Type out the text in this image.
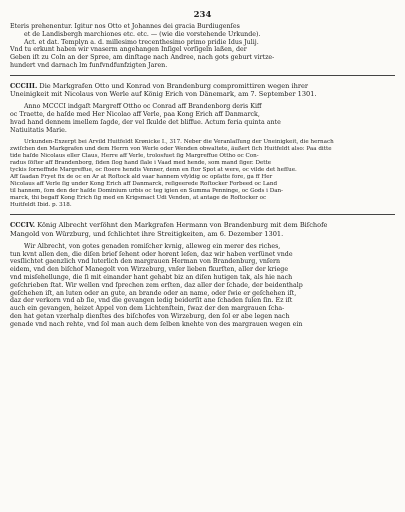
234

Eteris prehenentur. Igitur nos Otto et Johannes dei gracia Burdiugenſes

et de Landisbergh marchiones etc. etc. — (wie die vorstehende Urkunde).

Act. et dat. Templyn a. d. millesimo trecenthesimo primo pridie Idus Julij.

Vnd tu erkunt haben wir vnaserm angehangen Inſigel vorſigeln laßen, der

Geben iſt zu Coln an der Spree, am dinſtage nach Andree, nach gots geburt virtze-

hundert vnd darnach lm funfvndfunfzigten Jaren.

CCCIII. Die Markgrafen Otto und Konrad von Brandenburg compromittiren wegen ihrer

Uneinigkeit mit Nicolaus von Werle auf König Erich von Dänemark, am 7. September 1301.

Anno MCCCI indgaſt Margreff Ottho oc Conrad aff Brandenborg deris Kiff

oc Traette, de haſde med Her Nicolao aff Verle, paa Kong Erich aff Danmarck,

hvad hand dennem imellem ſagde, der vel ſkulde det bliffue. Actum feria quinta ante

Natiuitatis Marie.

Urkunden-Exzerpt bei Arvild Huitfeldt Krønicke I., 317. Neber die Veranlaſſung der Uneinigkeit, die hernach

zwiſchen den Markgrafen und dem Herrn von Werle oder Wenden obwaltete, äußert ſich Huitfeldt also: Paa ditte

tide haſde Nicolaus eller Claus, Herre aff Verle, trolosfuet ſig Margreffue Ottho oc Con-

radus ſöſter aff Brandenborg, ſiden ſlog hand ſlale i Vaad med hende, som mand ſiger. Dette

tyckis ſorneffnde Margreffue, oc ſtoere hendis Venner, denn en ſtor Spot at were, oc vilde det hefſue.

Aff ſaadan Fryet fix de oc en Ar at Roſtock ald vaar hannem vfyldig oc opſatte fore, ga ff Her

Nicolaus aff Verle ſig under Kong Erich aff Danmarck, reſigeerede Roſtocker Forbeed oc Land

til hannem, ſom den der haſde Dominium urbis oc teg igien en Summa Penninge, oc Gods i Dan-

marck, thi begaff Kong Erich ſig med en Krigsmact Udi Venden, at antage de Roſtocker oc

Huitfeldt Ibid. p. 318.

CCCIV. König Albrecht verſöhnt den Markgrafen Hermann von Brandenburg mit dem Biſchofe

Mangold von Würzburg, und ſchlichtet ihre Streitigkeiten, am 6. Dezember 1301.

Wir Albrecht, von gotes genaden romiſcher kvnig, alleweg ein merer des riches,

tun kvnt allen den, die diſen brief ſehent oder horent leſen, daz wir haben verſünet vnde

vesſlichtet gaenzlich vnd luterlich den margrauen Herman von Brandenburg, vnſern

eidem, vnd den biſchof Manegolt von Wirzeburg, vnſer lieben fkurſten, aller der kriege

vnd misſehellunge, die ſi mit einander hant gehabt biz an diſen hutigen tak, als hie nach

geſchrieben ſtat. Wir wellen vnd ſprechen zem erſten, daz aller der ſchade, der beidenthalp

geſchehen iſt, an luten oder an gute, an brande oder an name, oder ſwie er geſchehen iſt,

daz der verkorn vnd ab ſie, vnd die gevangen ledig beiderſit ane ſchaden ſulen ſin. Ez iſt

auch ein gevangen, heizet Appel von dem Lichtenſtein, ſwaz der den margrauen ſcha-

den hat getan vzerhalp dienſtes des biſchofes von Wirzeburg, den ſol er abe legen nach

genade vnd nach rehte, vnd ſol man auch dem ſelben knehte von des margrauen wegen ein
